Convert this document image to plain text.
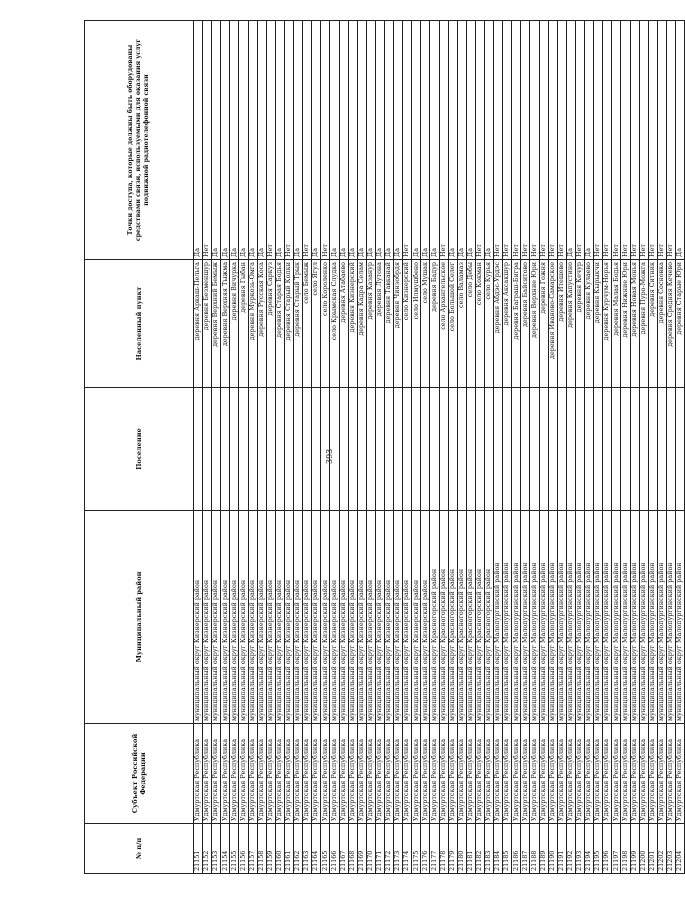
393
№ п/п	Субъект Российской Федерации	Муниципальный район	Поселение	Населенный пункт	Точки доступа, которые должны быть оборудованы средствами связи, используемыми для оказания услуг подвижной радиотелефонной связи
21151	Удмуртская Республика	муниципальный округ Кизнерский район		деревня Аркаш-Пельга	Да
21152	Удмуртская Республика	муниципальный округ Кизнерский район		деревня Безменшур	Нет
21153	Удмуртская Республика	муниципальный округ Кизнерский район		деревня Верхний Бемыж	Да
21154	Удмуртская Республика	муниципальный округ Кизнерский район		деревня Верхняя Тыжма	Да
21155	Удмуртская Республика	муниципальный округ Кизнерский район		деревня Вичурка	Да
21156	Удмуртская Республика	муниципальный округ Кизнерский район		деревня Гыбан	Да
21157	Удмуртская Республика	муниципальный округ Кизнерский район		деревня Муркозь-Омга	Да
21158	Удмуртская Республика	муниципальный округ Кизнерский район		деревня Русская Коса	Да
21159	Удмуртская Республика	муниципальный округ Кизнерский район		деревня Саркуз	Нет
21160	Удмуртская Республика	муниципальный округ Кизнерский район		деревня Старая Бодья	Да
21161	Удмуртская Республика	муниципальный округ Кизнерский район		деревня Старый Копки	Нет
21162	Удмуртская Республика	муниципальный округ Кизнерский район		деревня Старый Трык	Да
21163	Удмуртская Республика	муниципальный округ Кизнерский район		село Бемыж	Нет
21164	Удмуртская Республика	муниципальный округ Кизнерский район		село Ягул	Да
21165	Удмуртская Республика	муниципальный округ Кизнерский район		село Короленко	Нет
21166	Удмуртская Республика	муниципальный округ Кизнерский район		село Крымская Слудка	Да
21167	Удмуртская Республика	муниципальный округ Кизнерский район		деревня Атабаево	Да
21168	Удмуртская Республика	муниципальный округ Кизнерский район		деревня Кизнерский	Да
21169	Удмуртская Республика	муниципальный округ Кизнерский район		деревня Кадра Селам	Да
21170	Удмуртская Республика	муниципальный округ Кизнерский район		деревня Казанур	Да
21171	Удмуртская Республика	муниципальный округ Кизнерский район		деревня Лутона	Да
21172	Удмуртская Республика	муниципальный округ Кизнерский район		деревня Тавканай	Да
21173	Удмуртская Республика	муниципальный округ Кизнерский район		деревня Чинзобрдя	Да
21174	Удмуртская Республика	муниципальный округ Кизнерский район		село Кизнерский	Нет
21175	Удмуртская Республика	муниципальный округ Кизнерский район		село Илмушбено	Да
21176	Удмуртская Республика	муниципальный округ Кизнерский район		село Мушак	Да
21177	Удмуртская Республика	муниципальный округ Красногорский район		деревня Бадур	Да
21178	Удмуртская Республика	муниципальный округ Красногорский район		село Архангельское	Нет
21179	Удмуртская Республика	муниципальный округ Красногорский район		село Большой Селег	Да
21180	Удмуртская Республика	муниципальный округ Красногорский район		село Валамаз	Да
21181	Удмуртская Республика	муниципальный округ Красногорский район		село Дебы	Да
21182	Удмуртская Республика	муниципальный округ Красногорский район		село Кокман	Нет
21183	Удмуртская Республика	муниципальный округ Красногорский район		село Курья	Да
21184	Удмуртская Республика	муниципальный округ Малопургинский район		деревня Абдэс-Урдэс	Нет
21185	Удмуртская Республика	муниципальный округ Малопургинский район		деревня Аксакшур	Нет
21186	Удмуртская Республика	муниципальный округ Малопургинский район		деревня Баграш-Бигра	Нет
21187	Удмуртская Республика	муниципальный округ Малопургинский район		деревня Байситово	Нет
21188	Удмуртская Республика	муниципальный округ Малопургинский район		деревня Верхние Юри	Нет
21189	Удмуртская Республика	муниципальный округ Малопургинский район		деревня Гожня	Нет
21190	Удмуртская Республика	муниципальный округ Малопургинский район		деревня Иваново-Самарское	Нет
21191	Удмуртская Республика	муниципальный округ Малопургинский район		деревня Итешево	Нет
21192	Удмуртская Республика	муниципальный округ Малопургинский район		деревня Капустино	Да
21193	Удмуртская Республика	муниципальный округ Малопургинский район		деревня Кечур	Нет
21194	Удмуртская Республика	муниципальный округ Малопургинский район		деревня Кулаево	Да
21195	Удмуртская Республика	муниципальный округ Малопургинский район		деревня Кырыкчи	Нет
21196	Удмуртская Республика	муниципальный округ Малопургинский район		деревня Курчум-Норья	Нет
21197	Удмуртская Республика	муниципальный округ Малопургинский район		деревня Малая Бодья	Нет
21198	Удмуртская Республика	муниципальный округ Малопургинский район		деревня Нижние Юри	Нет
21199	Удмуртская Республика	муниципальный округ Малопургинский район		деревня Новая Монья	Нет
21200	Удмуртская Республика	муниципальный округ Малопургинский район		деревня Пуро-Можга	Нет
21201	Удмуртская Республика	муниципальный округ Малопургинский район		деревня Ситник	Нет
21202	Удмуртская Республика	муниципальный округ Малопургинский район		деревня Сосновка	Нет
21203	Удмуртская Республика	муниципальный округ Малопургинский район		деревня Средняя Кечево	Нет
21204	Удмуртская Республика	муниципальный округ Малопургинский район		деревня Старые Юри	Да
